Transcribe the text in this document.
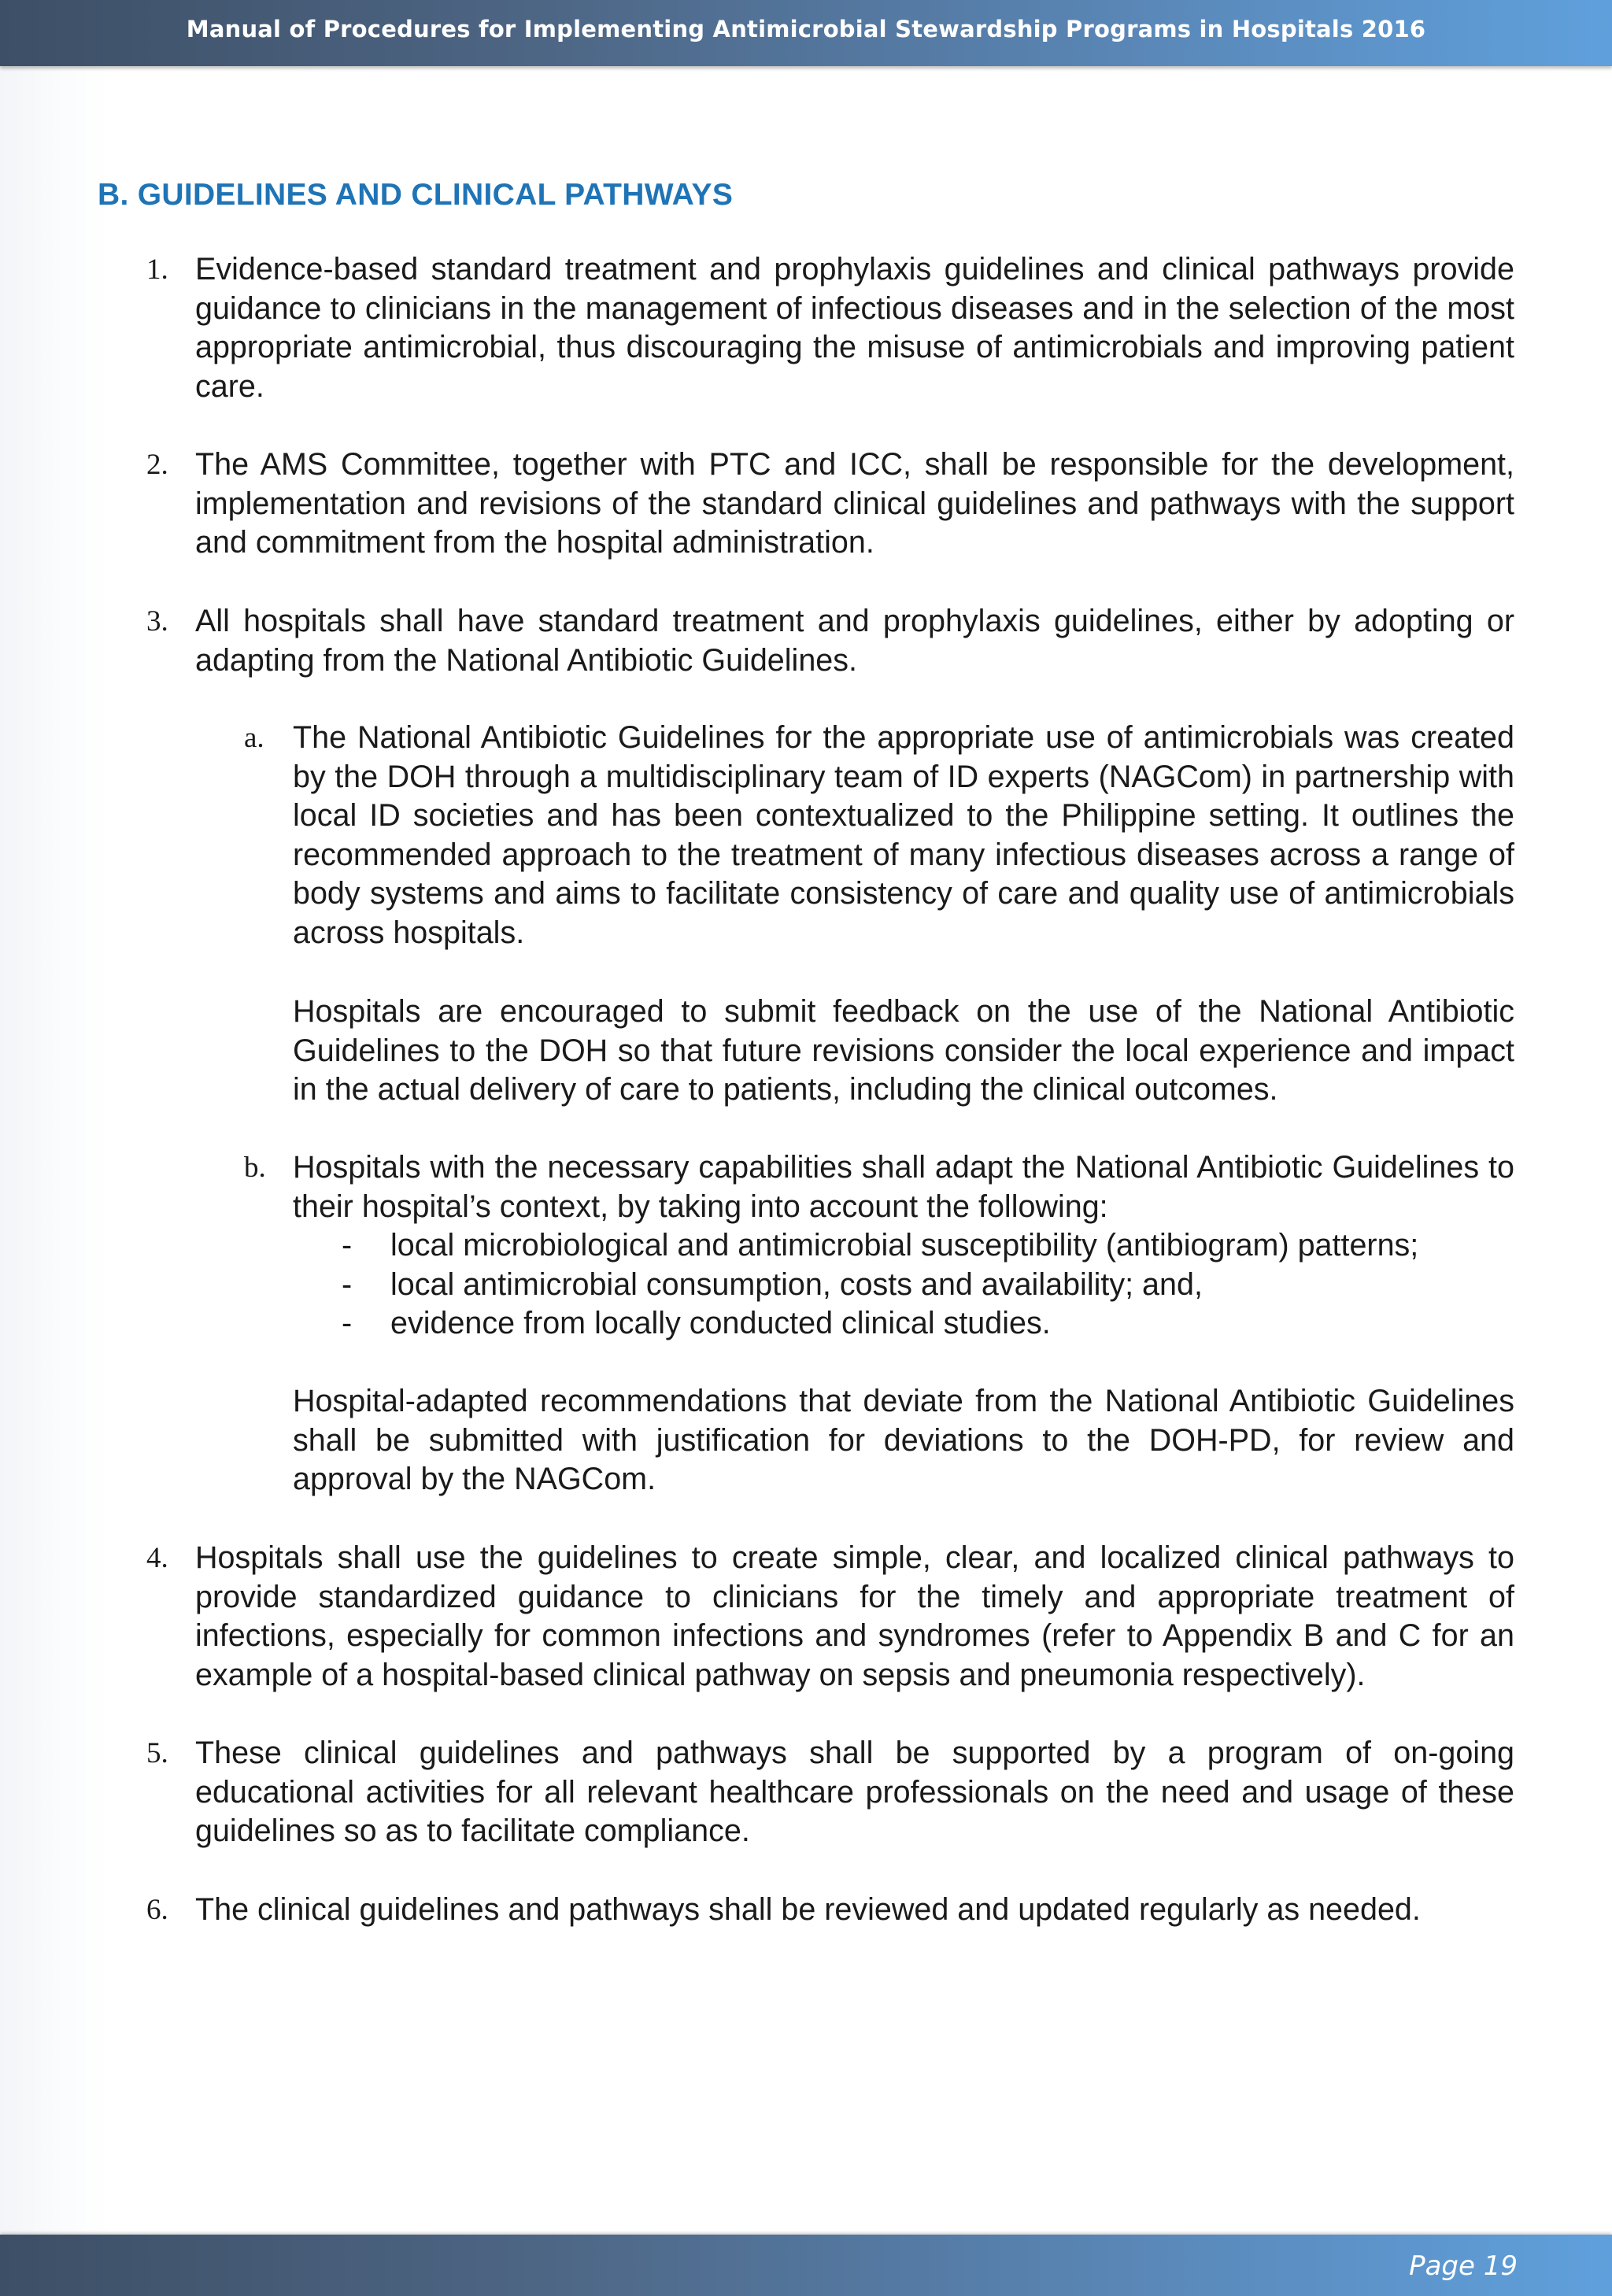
Manual of Procedures for Implementing Antimicrobial Stewardship Programs in Hospitals 2016
B. GUIDELINES AND CLINICAL PATHWAYS
1. Evidence-based standard treatment and prophylaxis guidelines and clinical pathways provide guidance to clinicians in the management of infectious diseases and in the selection of the most appropriate antimicrobial, thus discouraging the misuse of antimicrobials and improving patient care.
2. The AMS Committee, together with PTC and ICC, shall be responsible for the development, implementation and revisions of the standard clinical guidelines and pathways with the support and commitment from the hospital administration.
3. All hospitals shall have standard treatment and prophylaxis guidelines, either by adopting or adapting from the National Antibiotic Guidelines.
a. The National Antibiotic Guidelines for the appropriate use of antimicrobials was created by the DOH through a multidisciplinary team of ID experts (NAGCom) in partnership with local ID societies and has been contextualized to the Philippine setting. It outlines the recommended approach to the treatment of many infectious diseases across a range of body systems and aims to facilitate consistency of care and quality use of antimicrobials across hospitals.
Hospitals are encouraged to submit feedback on the use of the National Antibiotic Guidelines to the DOH so that future revisions consider the local experience and impact in the actual delivery of care to patients, including the clinical outcomes.
b. Hospitals with the necessary capabilities shall adapt the National Antibiotic Guidelines to their hospital’s context, by taking into account the following:
- local microbiological and antimicrobial susceptibility (antibiogram) patterns;
- local antimicrobial consumption, costs and availability; and,
- evidence from locally conducted clinical studies.
Hospital-adapted recommendations that deviate from the National Antibiotic Guidelines shall be submitted with justification for deviations to the DOH-PD, for review and approval by the NAGCom.
4. Hospitals shall use the guidelines to create simple, clear, and localized clinical pathways to provide standardized guidance to clinicians for the timely and appropriate treatment of infections, especially for common infections and syndromes (refer to Appendix B and C for an example of a hospital-based clinical pathway on sepsis and pneumonia respectively).
5. These clinical guidelines and pathways shall be supported by a program of on-going educational activities for all relevant healthcare professionals on the need and usage of these guidelines so as to facilitate compliance.
6. The clinical guidelines and pathways shall be reviewed and updated regularly as needed.
Page 19
